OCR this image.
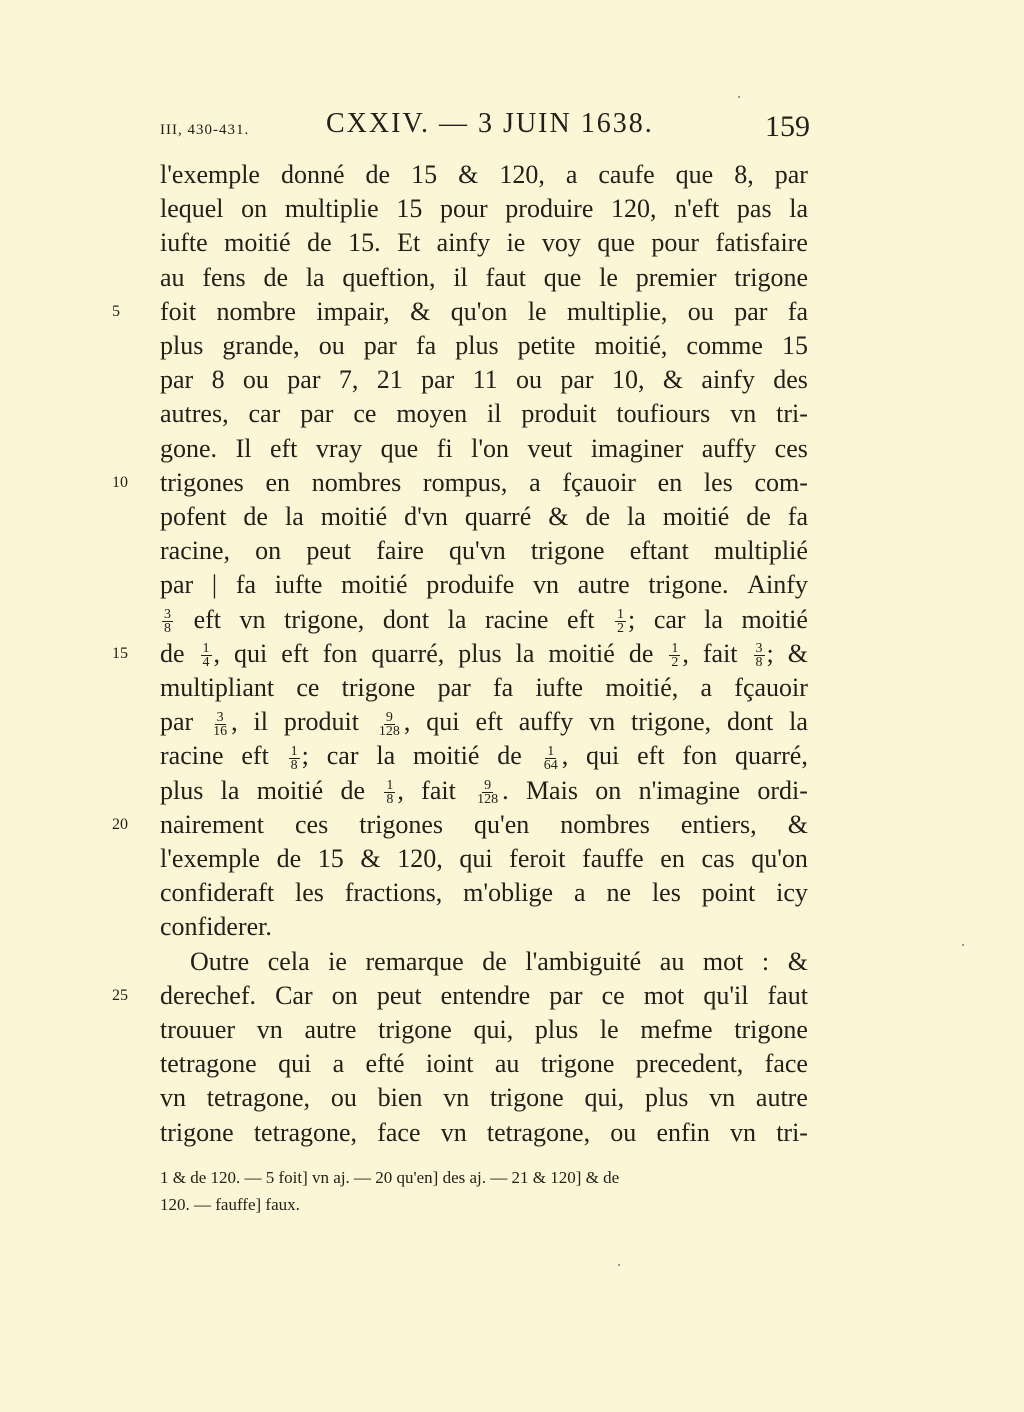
III, 430-431.	CXXIV. — 3 JUIN 1638.	159
l'exemple donné de 15 & 120, a caufe que 8, par
lequel on multiplie 15 pour produire 120, n'eft pas la
iufte moitié de 15. Et ainfy ie voy que pour fatisfaire
au fens de la queftion, il faut que le premier trigone
foit nombre impair, & qu'on le multiplie, ou par fa
5
plus grande, ou par fa plus petite moitié, comme 15
par 8 ou par 7, 21 par 11 ou par 10, & ainfy des
autres, car par ce moyen il produit toufiours vn tri-
gone. Il eft vray que fi l'on veut imaginer auffy ces
trigones en nombres rompus, a fçauoir en les com-
10
pofent de la moitié d'vn quarré & de la moitié de fa
racine, on peut faire qu'vn trigone eftant multiplié
par | fa iufte moitié produife vn autre trigone. Ainfy
$\frac{3}{8}$ eft vn trigone, dont la racine eft $\frac{1}{2}$ ; car la moitié
de $\frac{1}{4}$ , qui eft fon quarré, plus la moitié de $\frac{1}{2}$ , fait $\frac{3}{8}$ ; &
15
multipliant ce trigone par fa iufte moitié, a fçauoir
par $\frac{3}{16}$ , il produit $\frac{9}{128}$ , qui eft auffy vn trigone, dont la
racine eft $\frac{1}{8}$ ; car la moitié de $\frac{1}{64}$ , qui eft fon quarré,
plus la moitié de $\frac{1}{8}$ , fait $\frac{9}{128}$ . Mais on n'imagine ordi-
nairement ces trigones qu'en nombres entiers, &
20
l'exemple de 15 & 120, qui feroit fauffe en cas qu'on
confideraft les fractions, m'oblige a ne les point icy
confiderer.
Outre cela ie remarque de l'ambiguité au mot : &
derechef. Car on peut entendre par ce mot qu'il faut
25
trouuer vn autre trigone qui, plus le mefme trigone
tetragone qui a efté ioint au trigone precedent, face
vn tetragone, ou bien vn trigone qui, plus vn autre
trigone tetragone, face vn tetragone, ou enfin vn tri-
1 & de 120. — 5 foit] vn aj. — 20 qu'en] des aj. — 21 & 120] & de
120. — fauffe] faux.
